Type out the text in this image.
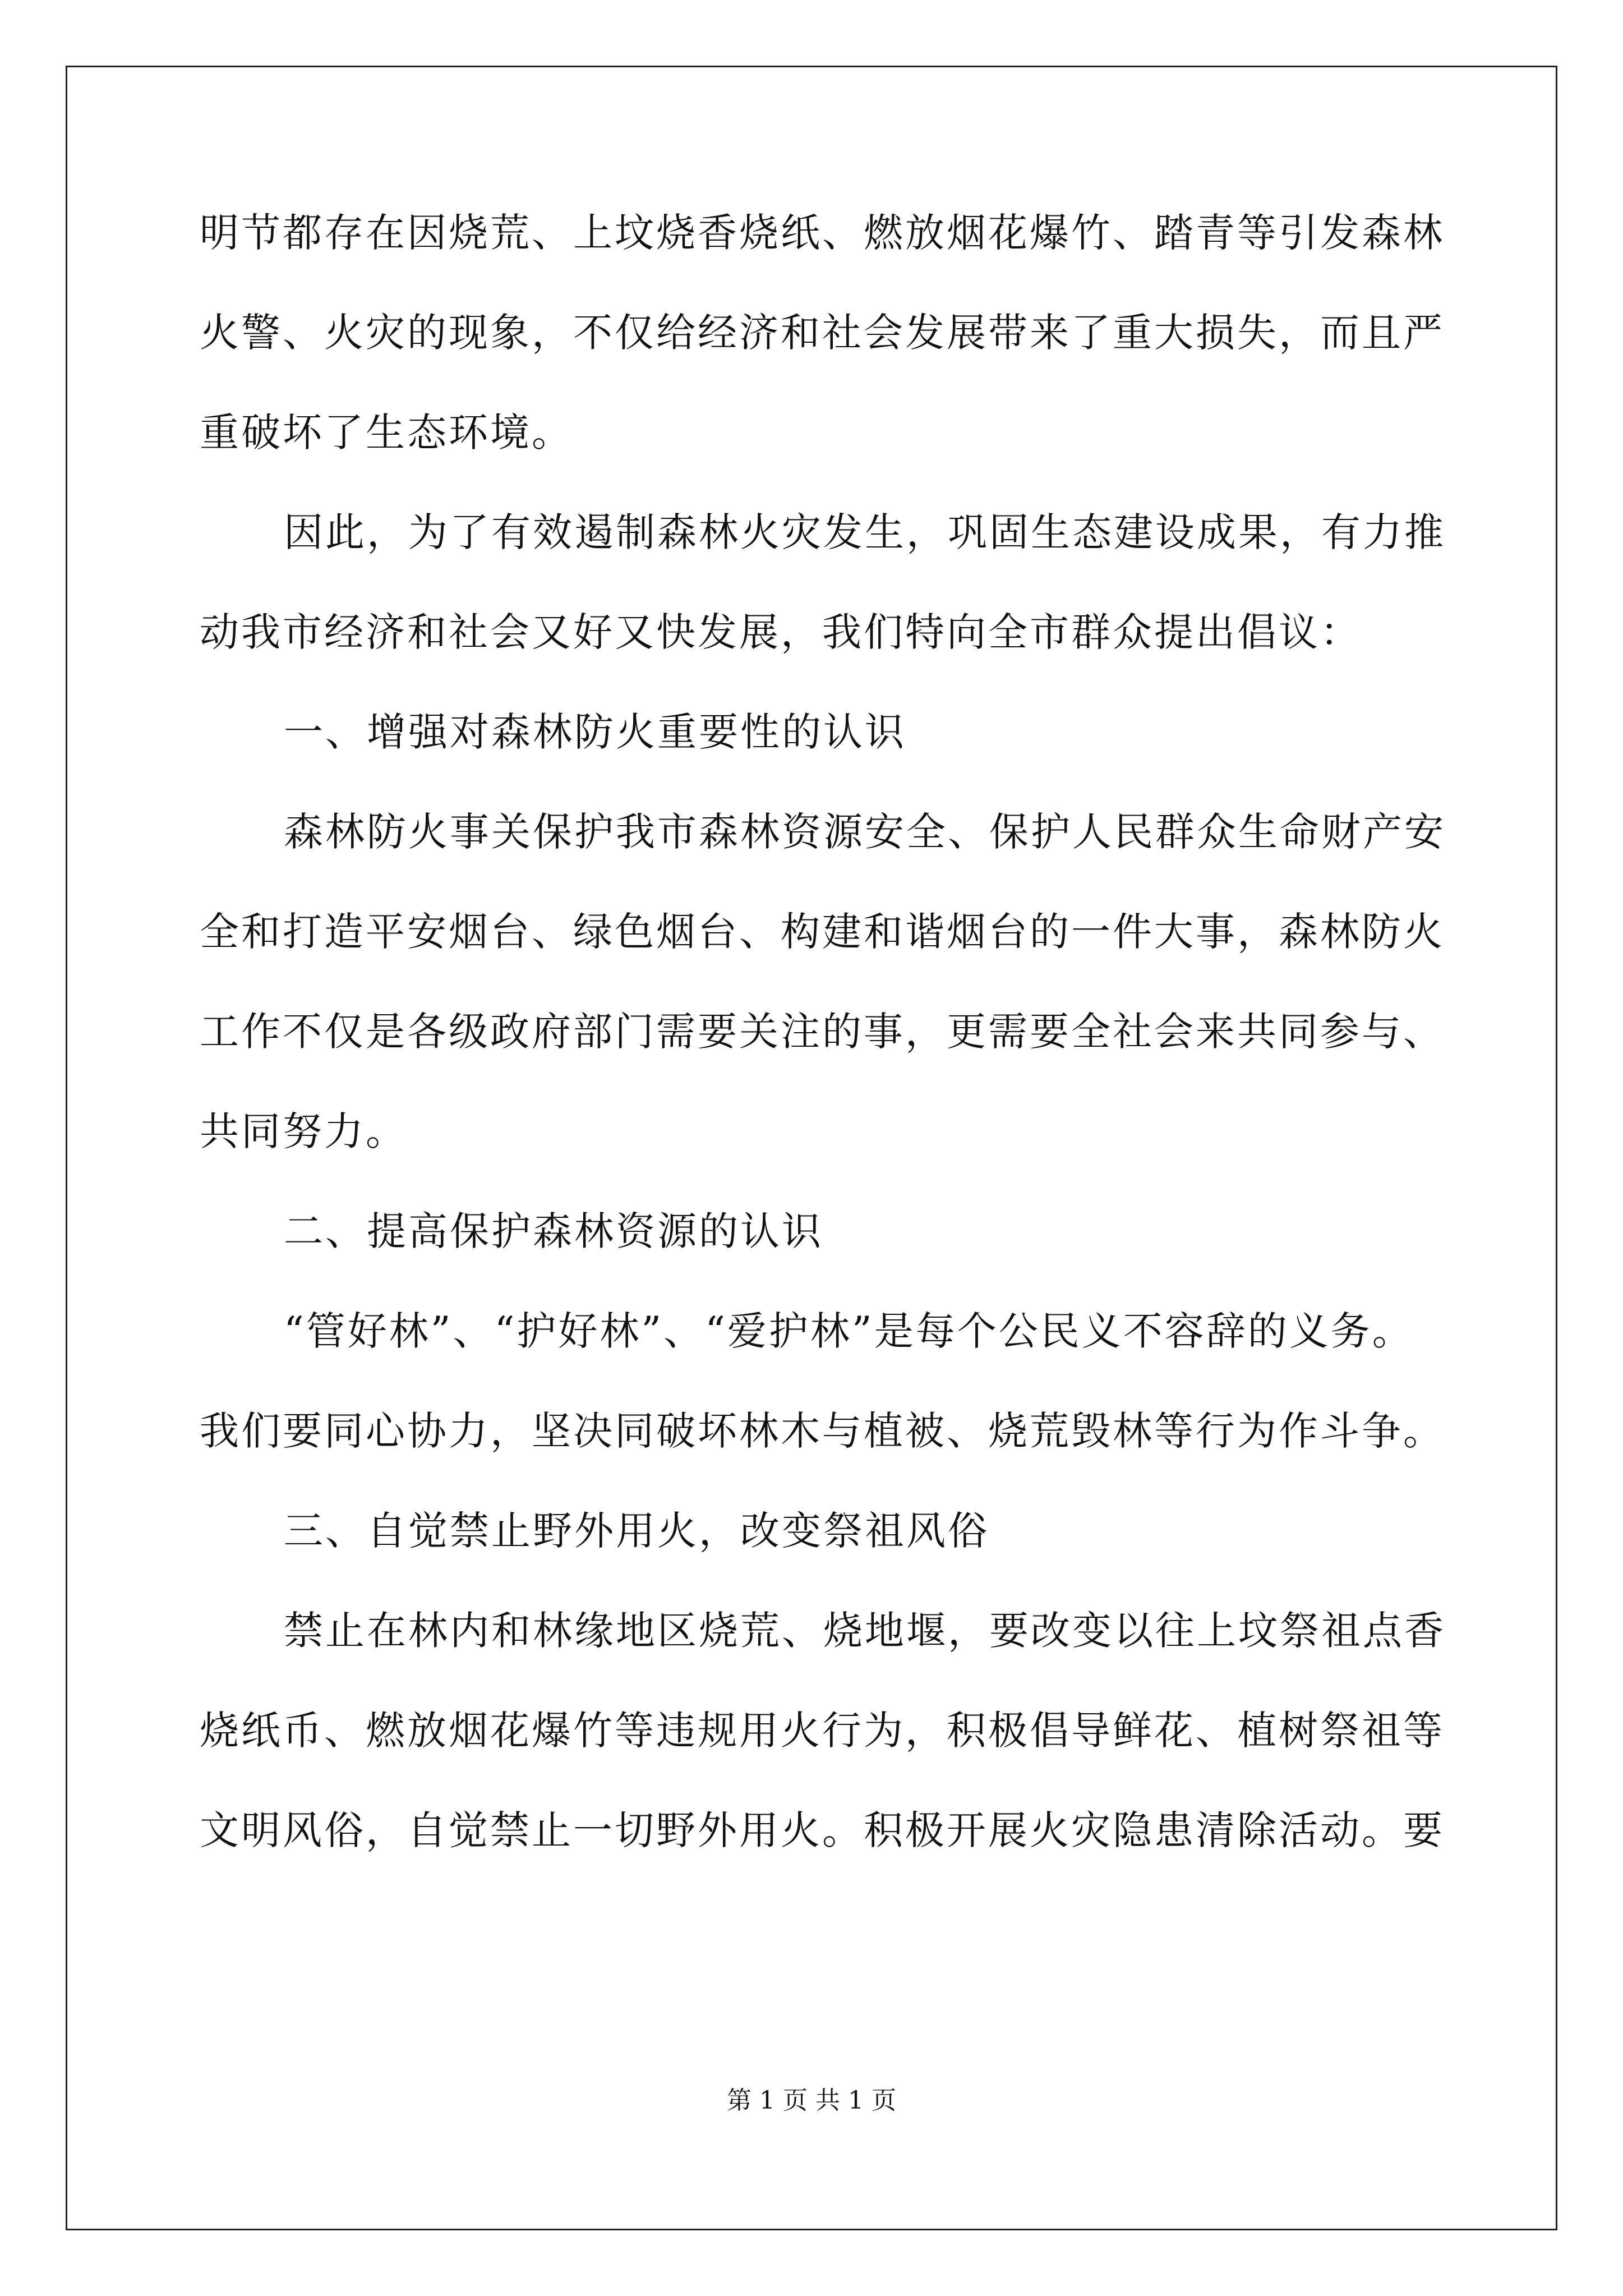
明节都存在因烧荒、上坟烧香烧纸、燃放烟花爆竹、踏青等引发森林
火警、火灾的现象，不仅给经济和社会发展带来了重大损失，而且严
重破坏了生态环境。
因此，为了有效遏制森林火灾发生，巩固生态建设成果，有力推
动我市经济和社会又好又快发展，我们特向全市群众提出倡议：
一、增强对森林防火重要性的认识
森林防火事关保护我市森林资源安全、保护人民群众生命财产安
全和打造平安烟台、绿色烟台、构建和谐烟台的一件大事，森林防火
工作不仅是各级政府部门需要关注的事，更需要全社会来共同参与、
共同努力。
二、提高保护森林资源的认识
“管好林”、“护好林”、“爱护林”是每个公民义不容辞的义务。
我们要同心协力，坚决同破坏林木与植被、烧荒毁林等行为作斗争。
三、自觉禁止野外用火，改变祭祖风俗
禁止在林内和林缘地区烧荒、烧地堰，要改变以往上坟祭祖点香
烧纸币、燃放烟花爆竹等违规用火行为，积极倡导鲜花、植树祭祖等
文明风俗，自觉禁止一切野外用火。积极开展火灾隐患清除活动。要
第 1 页 共 1 页
